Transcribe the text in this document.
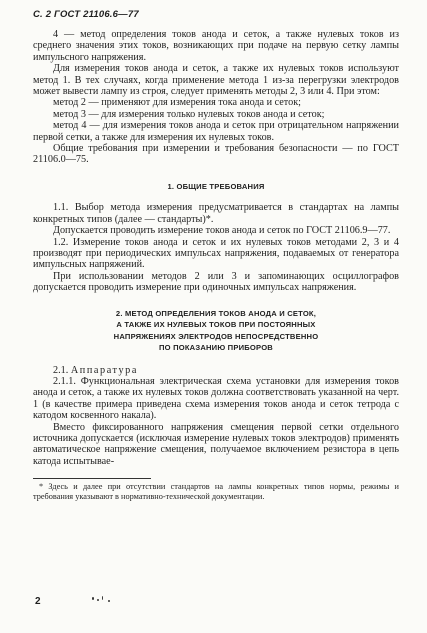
С. 2 ГОСТ 21106.6—77

4 — метод определения токов анода и сеток, а также нулевых токов из среднего значения этих токов, возникающих при подаче на первую сетку лампы импульсного напряжения.

Для измерения токов анода и сеток, а также их нулевых токов используют метод 1. В тех случаях, когда применение метода 1 из-за перегрузки электродов может вывести лампу из строя, следует применять методы 2, 3 или 4. При этом:

метод 2 — применяют для измерения тока анода и сеток;

метод 3 — для измерения только нулевых токов анода и сеток;

метод 4 — для измерения токов анода и сеток при отрицательном напряжении первой сетки, а также для измерения их нулевых токов.

Общие требования при измерении и требования безопасности — по ГОСТ 21106.0—75.

1. ОБЩИЕ ТРЕБОВАНИЯ

1.1. Выбор метода измерения предусматривается в стандартах на лампы конкретных типов (далее — стандарты)*.

Допускается проводить измерение токов анода и сеток по ГОСТ 21106.9—77.

1.2. Измерение токов анода и сеток и их нулевых токов методами 2, 3 и 4 производят при периодических импульсах напряжения, подаваемых от генератора импульсных напряжений.

При использовании методов 2 или 3 и запоминающих осциллографов допускается проводить измерение при одиночных импульсах напряжения.

2. МЕТОД ОПРЕДЕЛЕНИЯ ТОКОВ АНОДА И СЕТОК,
А ТАКЖЕ ИХ НУЛЕВЫХ ТОКОВ ПРИ ПОСТОЯННЫХ
НАПРЯЖЕНИЯХ ЭЛЕКТРОДОВ НЕПОСРЕДСТВЕННО
ПО ПОКАЗАНИЮ ПРИБОРОВ

2.1. Аппаратура

2.1.1. Функциональная электрическая схема установки для измерения токов анода и сеток, а также их нулевых токов должна соответствовать указанной на черт. 1 (в качестве примера приведена схема измерения токов анода и сеток тетрода с катодом косвенного накала).

Вместо фиксированного напряжения смещения первой сетки отдельного источника допускается (исключая измерение нулевых токов электродов) применять автоматическое напряжение смещения, получаемое включением резистора в цепь катода испытывае-

* Здесь и далее при отсутствии стандартов на лампы конкретных типов нормы, режимы и требования указывают в нормативно-технической документации.

2
